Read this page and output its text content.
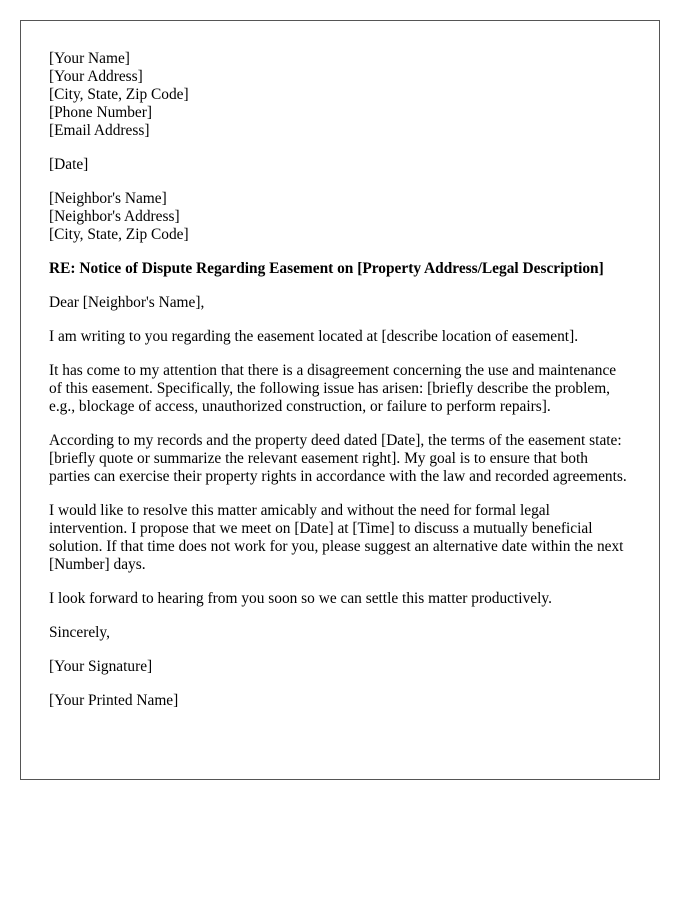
[Your Name]
[Your Address]
[City, State, Zip Code]
[Phone Number]
[Email Address]
[Date]
[Neighbor's Name]
[Neighbor's Address]
[City, State, Zip Code]

RE: Notice of Dispute Regarding Easement on [Property Address/Legal Description]

Dear [Neighbor's Name],

I am writing to you regarding the easement located at [describe location of easement].

It has come to my attention that there is a disagreement concerning the use and maintenance of this easement. Specifically, the following issue has arisen: [briefly describe the problem, e.g., blockage of access, unauthorized construction, or failure to perform repairs].

According to my records and the property deed dated [Date], the terms of the easement state: [briefly quote or summarize the relevant easement right]. My goal is to ensure that both parties can exercise their property rights in accordance with the law and recorded agreements.

I would like to resolve this matter amicably and without the need for formal legal intervention. I propose that we meet on [Date] at [Time] to discuss a mutually beneficial solution. If that time does not work for you, please suggest an alternative date within the next [Number] days.

I look forward to hearing from you soon so we can settle this matter productively.

Sincerely,

[Your Signature]

[Your Printed Name]
